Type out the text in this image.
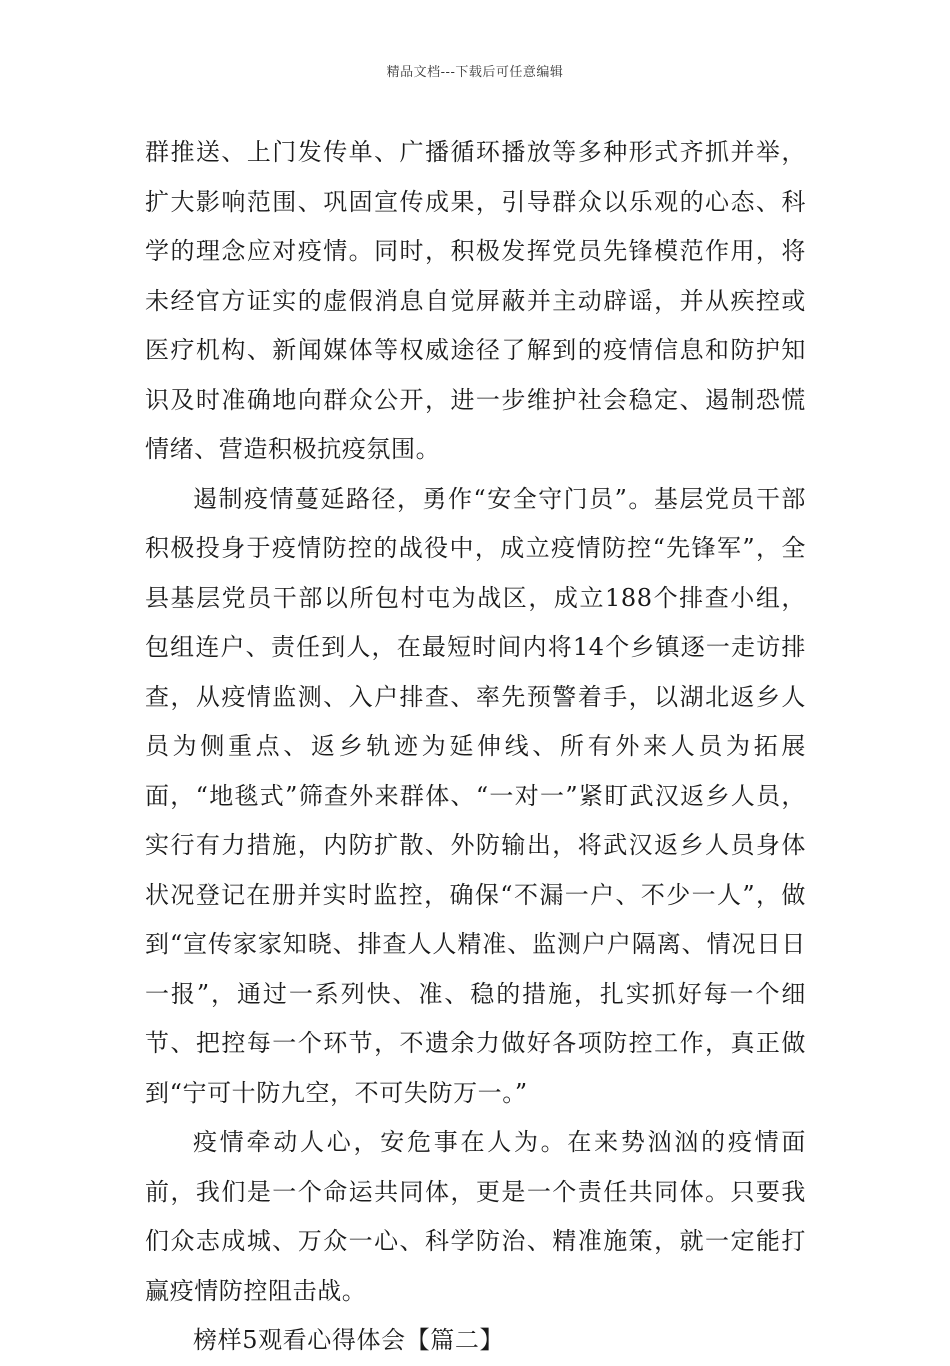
精品文档---下载后可任意编辑

群推送、上门发传单、广播循环播放等多种形式齐抓并举，扩大影响范围、巩固宣传成果，引导群众以乐观的心态、科学的理念应对疫情。同时，积极发挥党员先锋模范作用，将未经官方证实的虚假消息自觉屏蔽并主动辟谣，并从疾控或医疗机构、新闻媒体等权威途径了解到的疫情信息和防护知识及时准确地向群众公开，进一步维护社会稳定、遏制恐慌情绪、营造积极抗疫氛围。

遏制疫情蔓延路径，勇作“安全守门员”。基层党员干部积极投身于疫情防控的战役中，成立疫情防控“先锋军”，全县基层党员干部以所包村屯为战区，成立188个排查小组，包组连户、责任到人，在最短时间内将14个乡镇逐一走访排查，从疫情监测、入户排查、率先预警着手，以湖北返乡人员为侧重点、返乡轨迹为延伸线、所有外来人员为拓展面，“地毯式”筛查外来群体、“一对一”紧盯武汉返乡人员，实行有力措施，内防扩散、外防输出，将武汉返乡人员身体状况登记在册并实时监控，确保“不漏一户、不少一人”，做到“宣传家家知晓、排查人人精准、监测户户隔离、情况日日一报”，通过一系列快、准、稳的措施，扎实抓好每一个细节、把控每一个环节，不遗余力做好各项防控工作，真正做到“宁可十防九空，不可失防万一。”

疫情牵动人心，安危事在人为。在来势汹汹的疫情面前，我们是一个命运共同体，更是一个责任共同体。只要我们众志成城、万众一心、科学防治、精准施策，就一定能打赢疫情防控阻击战。

榜样5观看心得体会【篇二】
